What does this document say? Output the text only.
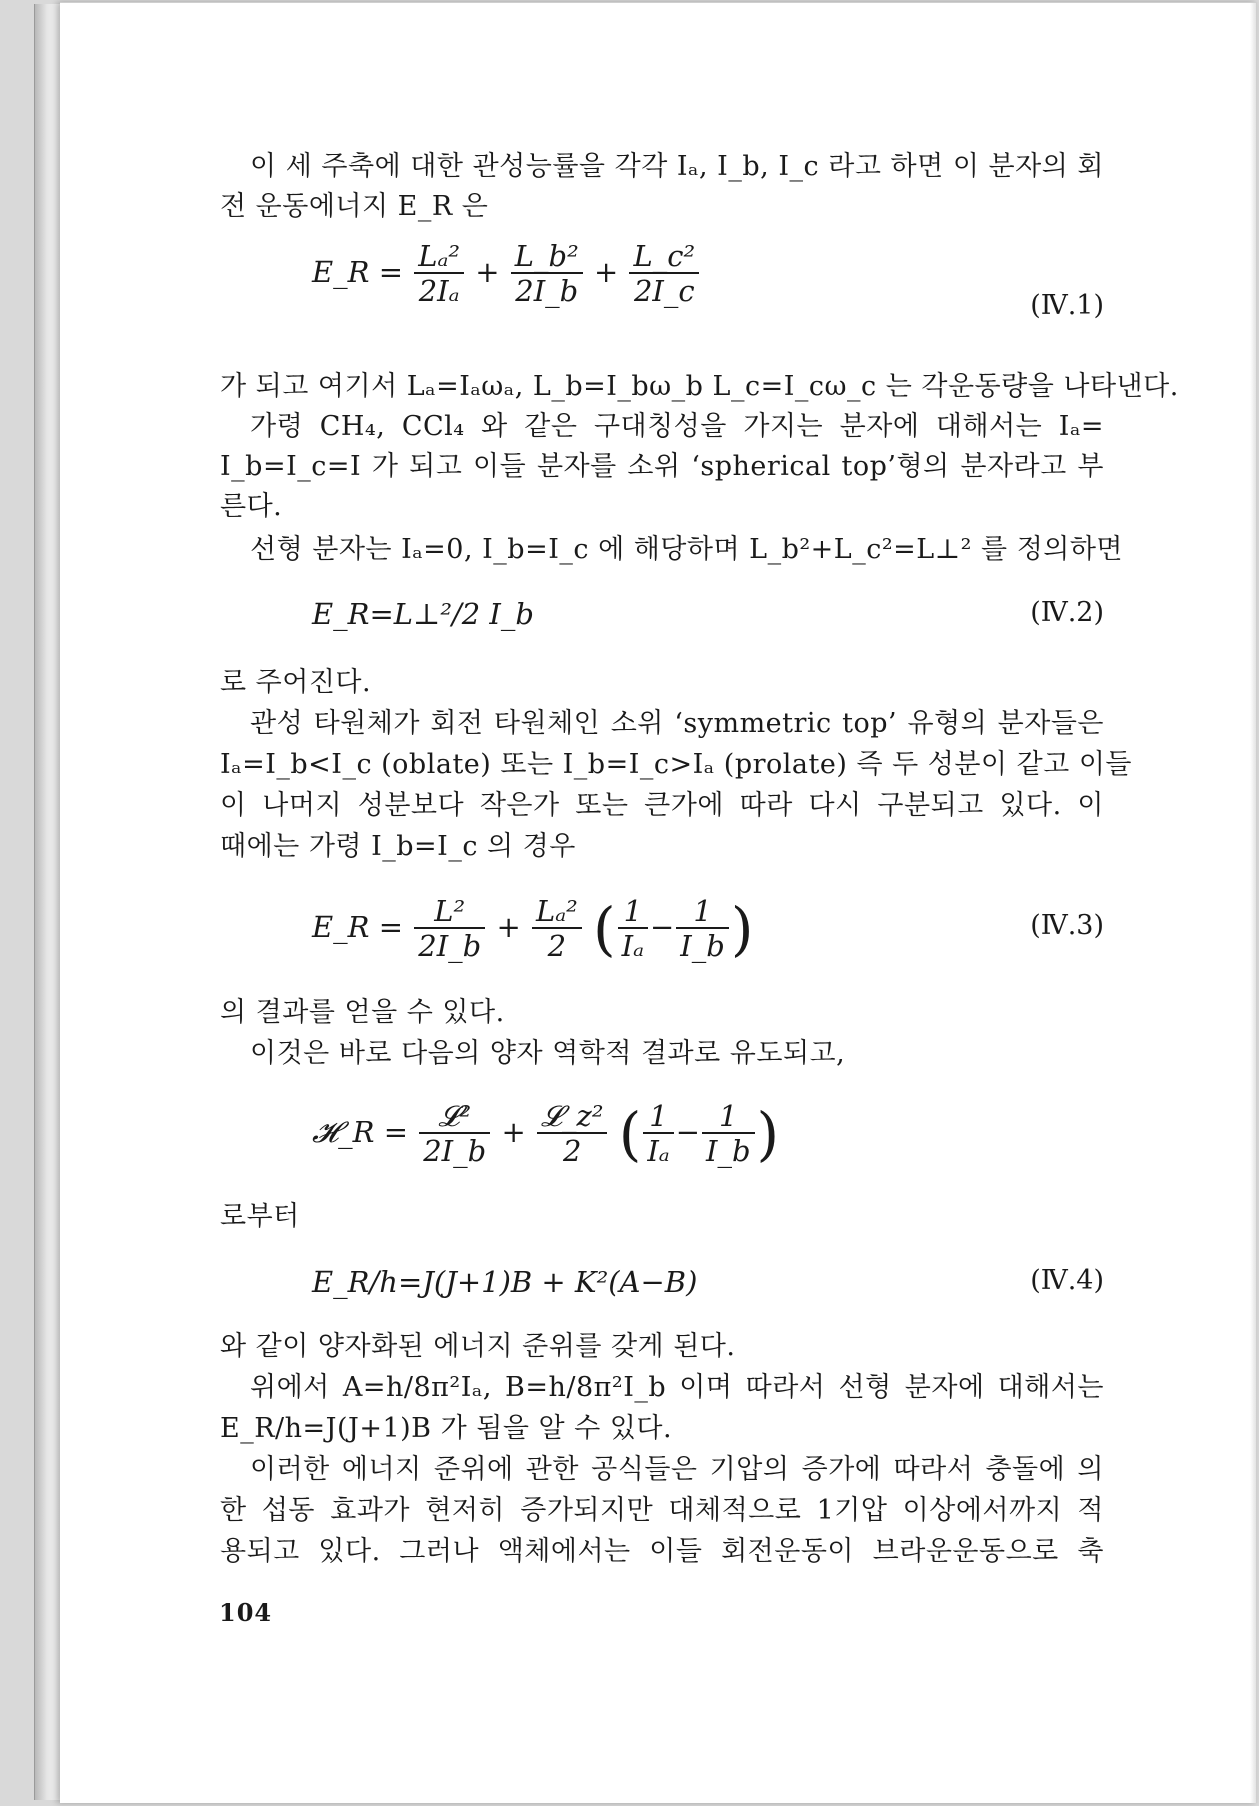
이 세 주축에 대한 관성능률을 각각 Iₐ, I_b, I_c 라고 하면 이 분자의 회
전 운동에너지 E_R 은
E_R = $\frac{\text{Lₐ²}}{\text{2Iₐ}} + \frac{\text{L\_b²}}{2I\_b} + \frac{\text{L\_c²}}{2I\_c}$	(Ⅳ.1)
가 되고 여기서 Lₐ=Iₐωₐ, L_b=I_bω_b L_c=I_cω_c 는 각운동량을 나타낸다.
가령 CH₄, CCl₄ 와 같은 구대칭성을 가지는 분자에 대해서는 Iₐ=
I_b=I_c=I 가 되고 이들 분자를 소위 ‘spherical top’형의 분자라고 부
른다.
선형 분자는 Iₐ=0, I_b=I_c 에 해당하며 L_b²+L_c²=L⊥² 를 정의하면
E_R=L⊥²/2 I_b	(Ⅳ.2)
로 주어진다.
관성 타원체가 회전 타원체인 소위 ‘symmetric top’ 유형의 분자들은
Iₐ=I_b<I_c (oblate) 또는 I_b=I_c>Iₐ (prolate) 즉 두 성분이 같고 이들
이 나머지 성분보다 작은가 또는 큰가에 따라 다시 구분되고 있다. 이
때에는 가령 I_b=I_c 의 경우
E_R = $\frac{\text{L²}}{2I\_b} + \frac{\text{Lₐ²}}{2}$ ( $\frac{1}{\text{Iₐ}} - \frac{1}{I\_b}$ )	(Ⅳ.3)
의 결과를 얻을 수 있다.
이것은 바로 다음의 양자 역학적 결과로 유도되고,
𝓗_R = $\frac{\text{𝓛²}}{2I\_b} + \frac{\text{𝓛\_z²}}{2}$ ( $\frac{1}{\text{Iₐ}} - \frac{1}{I\_b}$ )
로부터
E_R/h=J(J+1)B + K²(A−B)	(Ⅳ.4)
와 같이 양자화된 에너지 준위를 갖게 된다.
위에서 A=h/8π²Iₐ, B=h/8π²I_b 이며 따라서 선형 분자에 대해서는
E_R/h=J(J+1)B 가 됨을 알 수 있다.
이러한 에너지 준위에 관한 공식들은 기압의 증가에 따라서 충돌에 의
한 섭동 효과가 현저히 증가되지만 대체적으로 1기압 이상에서까지 적
용되고 있다. 그러나 액체에서는 이들 회전운동이 브라운운동으로 축
104
